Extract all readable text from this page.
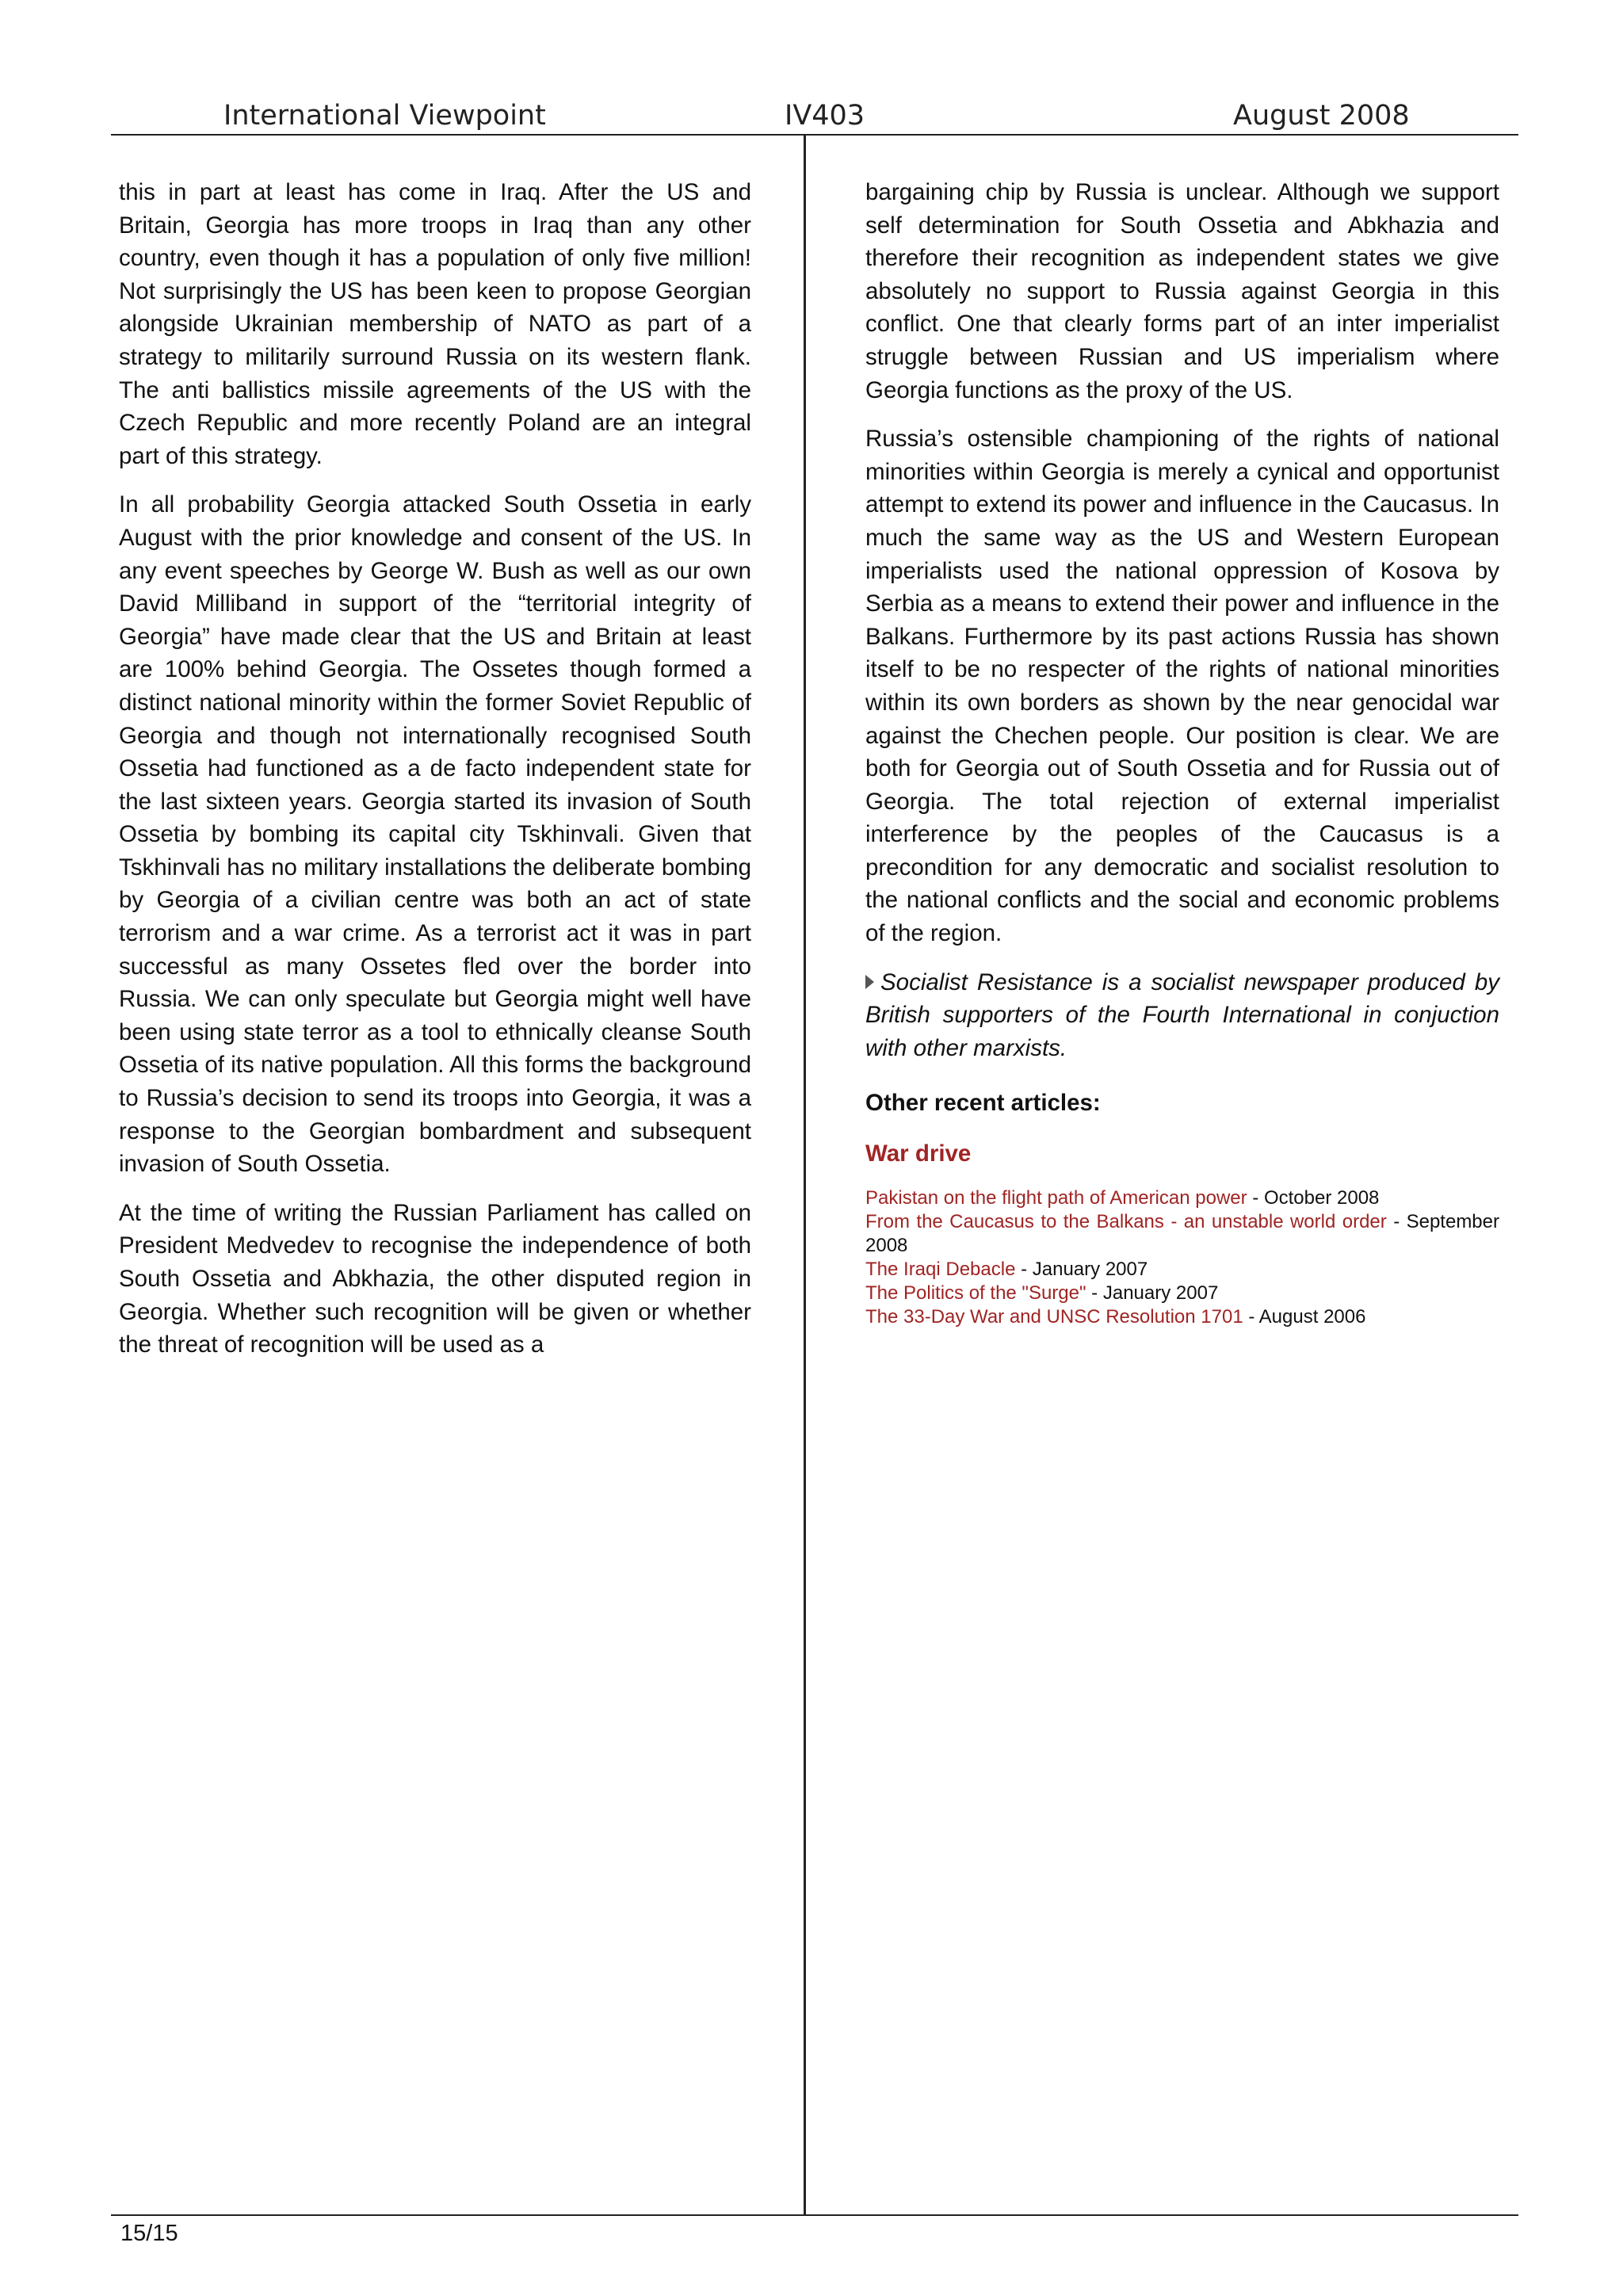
International Viewpoint	IV403	August 2008

this in part at least has come in Iraq. After the US and Britain, Georgia has more troops in Iraq than any other country, even though it has a population of only five million! Not surprisingly the US has been keen to propose Georgian alongside Ukrainian membership of NATO as part of a strategy to militarily surround Russia on its western flank. The anti ballistics missile agreements of the US with the Czech Republic and more recently Poland are an integral part of this strategy.

In all probability Georgia attacked South Ossetia in early August with the prior knowledge and consent of the US. In any event speeches by George W. Bush as well as our own David Milliband in support of the “territorial integrity of Georgia” have made clear that the US and Britain at least are 100% behind Georgia. The Ossetes though formed a distinct national minority within the former Soviet Republic of Georgia and though not internationally recognised South Ossetia had functioned as a de facto independent state for the last sixteen years. Georgia started its invasion of South Ossetia by bombing its capital city Tskhinvali. Given that Tskhinvali has no military installations the deliberate bombing by Georgia of a civilian centre was both an act of state terrorism and a war crime. As a terrorist act it was in part successful as many Ossetes fled over the border into Russia. We can only speculate but Georgia might well have been using state terror as a tool to ethnically cleanse South Ossetia of its native population. All this forms the background to Russia’s decision to send its troops into Georgia, it was a response to the Georgian bombardment and subsequent invasion of South Ossetia.

At the time of writing the Russian Parliament has called on President Medvedev to recognise the independence of both South Ossetia and Abkhazia, the other disputed region in Georgia. Whether such recognition will be given or whether the threat of recognition will be used as a

bargaining chip by Russia is unclear. Although we support self determination for South Ossetia and Abkhazia and therefore their recognition as independent states we give absolutely no support to Russia against Georgia in this conflict. One that clearly forms part of an inter imperialist struggle between Russian and US imperialism where Georgia functions as the proxy of the US.

Russia’s ostensible championing of the rights of national minorities within Georgia is merely a cynical and opportunist attempt to extend its power and influence in the Caucasus. In much the same way as the US and Western European imperialists used the national oppression of Kosova by Serbia as a means to extend their power and influence in the Balkans. Furthermore by its past actions Russia has shown itself to be no respecter of the rights of national minorities within its own borders as shown by the near genocidal war against the Chechen people. Our position is clear. We are both for Georgia out of South Ossetia and for Russia out of Georgia. The total rejection of external imperialist interference by the peoples of the Caucasus is a precondition for any democratic and socialist resolution to the national conflicts and the social and economic problems of the region.

Socialist Resistance is a socialist newspaper produced by British supporters of the Fourth International in conjuction with other marxists.

Other recent articles:
War drive
Pakistan on the flight path of American power - October 2008
From the Caucasus to the Balkans - an unstable world order - September 2008
The Iraqi Debacle - January 2007
The Politics of the "Surge" - January 2007
The 33-Day War and UNSC Resolution 1701 - August 2006
15/15
